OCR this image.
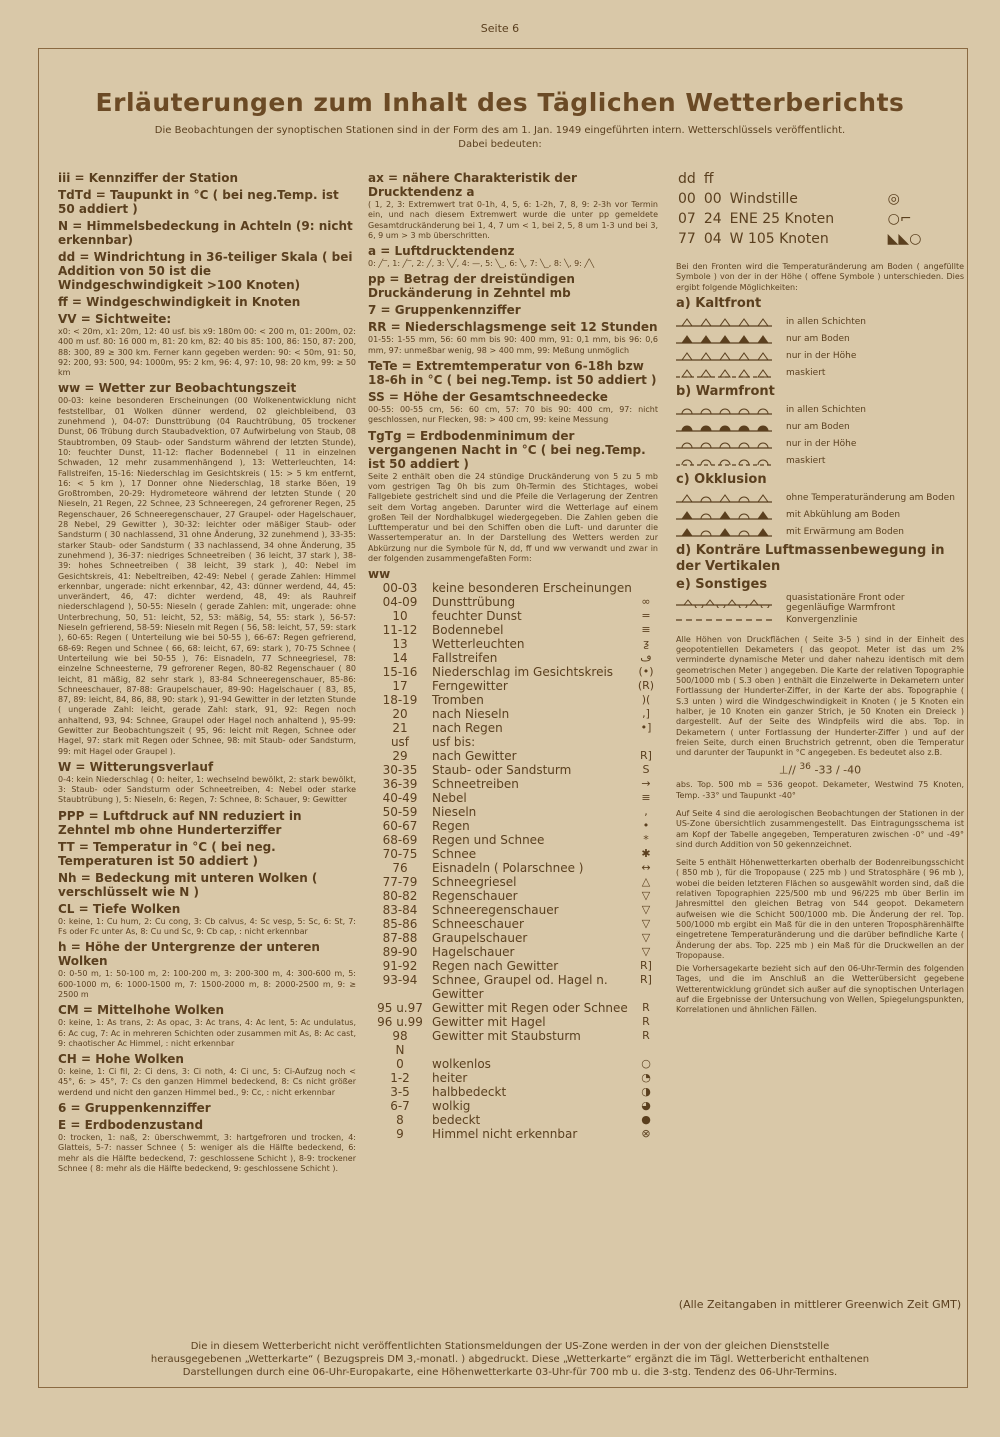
Seite 6
Erläuterungen zum Inhalt des Täglichen Wetterberichts
Die Beobachtungen der synoptischen Stationen sind in der Form des am 1. Jan. 1949 eingeführten intern. Wetterschlüssels veröffentlicht.
Dabei bedeuten:
iii = Kennziffer der Station
TdTd = Taupunkt in °C ( bei neg.Temp. ist 50 addiert )
N = Himmelsbedeckung in Achteln (9: nicht erkennbar)
dd = Windrichtung in 36-teiliger Skala ( bei Addition von 50 ist die Windgeschwindigkeit >100 Knoten)
ff = Windgeschwindigkeit in Knoten
VV = Sichtweite:
x0: < 20m, x1: 20m, 12: 40 usf. bis x9: 180m 00: < 200 m, 01: 200m, 02: 400 m usf. 80: 16 000 m, 81: 20 km, 82: 40 bis 85: 100, 86: 150, 87: 200, 88: 300, 89 ≥ 300 km. Ferner kann gegeben werden: 90: < 50m, 91: 50, 92: 200, 93: 500, 94: 1000m, 95: 2 km, 96: 4, 97: 10, 98: 20 km, 99: ≥ 50 km
ww = Wetter zur Beobachtungszeit
00-03: keine besonderen Erscheinungen (00 Wolkenentwicklung nicht feststellbar, 01 Wolken dünner werdend, 02 gleichbleibend, 03 zunehmend ), 04-07: Dunsttrübung (04 Rauchtrübung, 05 trockener Dunst, 06 Trübung durch Staubadvektion, 07 Aufwirbelung von Staub, 08 Staubtromben, 09 Staub- oder Sandsturm während der letzten Stunde), 10: feuchter Dunst, 11-12: flacher Bodennebel ( 11 in einzelnen Schwaden, 12 mehr zusammenhängend ), 13: Wetterleuchten, 14: Fallstreifen, 15-16: Niederschlag im Gesichtskreis ( 15: > 5 km entfernt, 16: < 5 km ), 17 Donner ohne Niederschlag, 18 starke Böen, 19 Großtromben, 20-29: Hydrometeore während der letzten Stunde ( 20 Nieseln, 21 Regen, 22 Schnee, 23 Schneeregen, 24 gefrorener Regen, 25 Regenschauer, 26 Schneeregenschauer, 27 Graupel- oder Hagelschauer, 28 Nebel, 29 Gewitter ), 30-32: leichter oder mäßiger Staub- oder Sandsturm ( 30 nachlassend, 31 ohne Änderung, 32 zunehmend ), 33-35: starker Staub- oder Sandsturm ( 33 nachlassend, 34 ohne Änderung, 35 zunehmend ), 36-37: niedriges Schneetreiben ( 36 leicht, 37 stark ), 38-39: hohes Schneetreiben ( 38 leicht, 39 stark ), 40: Nebel im Gesichtskreis, 41: Nebeltreiben, 42-49: Nebel ( gerade Zahlen: Himmel erkennbar, ungerade: nicht erkennbar, 42, 43: dünner werdend, 44, 45: unverändert, 46, 47: dichter werdend, 48, 49: als Rauhreif niederschlagend ), 50-55: Nieseln ( gerade Zahlen: mit, ungerade: ohne Unterbrechung, 50, 51: leicht, 52, 53: mäßig, 54, 55: stark ), 56-57: Nieseln gefrierend, 58-59: Nieseln mit Regen ( 56, 58: leicht, 57, 59: stark ), 60-65: Regen ( Unterteilung wie bei 50-55 ), 66-67: Regen gefrierend, 68-69: Regen und Schnee ( 66, 68: leicht, 67, 69: stark ), 70-75 Schnee ( Unterteilung wie bei 50-55 ), 76: Eisnadeln, 77 Schneegriesel, 78: einzelne Schneesterne, 79 gefrorener Regen, 80-82 Regenschauer ( 80 leicht, 81 mäßig, 82 sehr stark ), 83-84 Schneeregenschauer, 85-86: Schneeschauer, 87-88: Graupelschauer, 89-90: Hagelschauer ( 83, 85, 87, 89: leicht, 84, 86, 88, 90: stark ), 91-94 Gewitter in der letzten Stunde ( ungerade Zahl: leicht, gerade Zahl: stark, 91, 92: Regen noch anhaltend, 93, 94: Schnee, Graupel oder Hagel noch anhaltend ), 95-99: Gewitter zur Beobachtungszeit ( 95, 96: leicht mit Regen, Schnee oder Hagel, 97: stark mit Regen oder Schnee, 98: mit Staub- oder Sandsturm, 99: mit Hagel oder Graupel ).
W = Witterungsverlauf
0-4: kein Niederschlag ( 0: heiter, 1: wechselnd bewölkt, 2: stark bewölkt, 3: Staub- oder Sandsturm oder Schneetreiben, 4: Nebel oder starke Staubtrübung ), 5: Nieseln, 6: Regen, 7: Schnee, 8: Schauer, 9: Gewitter
PPP = Luftdruck auf NN reduziert in Zehntel mb ohne Hunderterziffer
TT = Temperatur in °C ( bei neg. Temperaturen ist 50 addiert )
Nh = Bedeckung mit unteren Wolken ( verschlüsselt wie N )
CL = Tiefe Wolken
0: keine, 1: Cu hum, 2: Cu cong, 3: Cb calvus, 4: Sc vesp, 5: Sc, 6: St, 7: Fs oder Fc unter As, 8: Cu und Sc, 9: Cb cap, : nicht erkennbar
h = Höhe der Untergrenze der unteren Wolken
0: 0-50 m, 1: 50-100 m, 2: 100-200 m, 3: 200-300 m, 4: 300-600 m, 5: 600-1000 m, 6: 1000-1500 m, 7: 1500-2000 m, 8: 2000-2500 m, 9: ≥ 2500 m
CM = Mittelhohe Wolken
0: keine, 1: As trans, 2: As opac, 3: Ac trans, 4: Ac lent, 5: Ac undulatus, 6: Ac cug, 7: Ac in mehreren Schichten oder zusammen mit As, 8: Ac cast, 9: chaotischer Ac Himmel, : nicht erkennbar
CH = Hohe Wolken
0: keine, 1: Ci fil, 2: Ci dens, 3: Ci noth, 4: Ci unc, 5: Ci-Aufzug noch < 45°, 6: > 45°, 7: Cs den ganzen Himmel bedeckend, 8: Cs nicht größer werdend und nicht den ganzen Himmel bed., 9: Cc, : nicht erkennbar
6 = Gruppenkennziffer
E = Erdbodenzustand
0: trocken, 1: naß, 2: überschwemmt, 3: hartgefroren und trocken, 4: Glatteis, 5-7: nasser Schnee ( 5: weniger als die Hälfte bedeckend, 6: mehr als die Hälfte bedeckend, 7: geschlossene Schicht ), 8-9: trockener Schnee ( 8: mehr als die Hälfte bedeckend, 9: geschlossene Schicht ).
ax = nähere Charakteristik der Drucktendenz a
( 1, 2, 3: Extremwert trat 0-1h, 4, 5, 6: 1-2h, 7, 8, 9: 2-3h vor Termin ein, und nach diesem Extremwert wurde die unter pp gemeldete Gesamtdruckänderung bei 1, 4, 7 um < 1, bei 2, 5, 8 um 1-3 und bei 3, 6, 9 um > 3 mb überschritten.
a = Luftdrucktendenz
0: ╱‾, 1: ╱‾, 2: ╱, 3: ╲╱, 4: —, 5: ╲_, 6: ╲, 7: ╲_, 8: ╲, 9: ╱╲
pp = Betrag der dreistündigen Druckänderung in Zehntel mb
7 = Gruppenkennziffer
RR = Niederschlagsmenge seit 12 Stunden
01-55: 1-55 mm, 56: 60 mm bis 90: 400 mm, 91: 0,1 mm, bis 96: 0,6 mm, 97: unmeßbar wenig, 98 > 400 mm, 99: Meßung unmöglich
TeTe = Extremtemperatur von 6-18h bzw 18-6h in °C ( bei neg.Temp. ist 50 addiert )
SS = Höhe der Gesamtschneedecke
00-55: 00-55 cm, 56: 60 cm, 57: 70 bis 90: 400 cm, 97: nicht geschlossen, nur Flecken, 98: > 400 cm, 99: keine Messung
TgTg = Erdbodenminimum der vergangenen Nacht in °C ( bei neg.Temp. ist 50 addiert )
Seite 2 enthält oben die 24 stündige Druckänderung von 5 zu 5 mb vom gestrigen Tag 0h bis zum 0h-Termin des Stichtages, wobei Fallgebiete gestrichelt sind und die Pfeile die Verlagerung der Zentren seit dem Vortag angeben. Darunter wird die Wetterlage auf einem großen Teil der Nordhalbkugel wiedergegeben. Die Zahlen geben die Lufttemperatur und bei den Schiffen oben die Luft- und darunter die Wassertemperatur an. In der Darstellung des Wetters werden zur Abkürzung nur die Symbole für N, dd, ff und ww verwandt und zwar in der folgenden zusammengefaßten Form:
ww
00-03	keine besonderen Erscheinungen	
04-09	Dunsttrübung	∞
10	feuchter Dunst	=
11-12	Bodennebel	≡
13	Wetterleuchten	ƺ
14	Fallstreifen	ڡ
15-16	Niederschlag im Gesichtskreis	(•)
17	Ferngewitter	(R)
18-19	Tromben	)(
20	nach Nieseln	,]
21	nach Regen	•]
usf	usf bis:	
29	nach Gewitter	R]
30-35	Staub- oder Sandsturm	S
36-39	Schneetreiben	→
40-49	Nebel	≡
50-59	Nieseln	,
60-67	Regen	•
68-69	Regen und Schnee	*
70-75	Schnee	✱
76	Eisnadeln ( Polarschnee )	↔
77-79	Schneegriesel	△
80-82	Regenschauer	▽
83-84	Schneeregenschauer	▽
85-86	Schneeschauer	▽
87-88	Graupelschauer	▽
89-90	Hagelschauer	▽
91-92	Regen nach Gewitter	R]
93-94	Schnee, Graupel od. Hagel n. Gewitter	R]
95 u.97	Gewitter mit Regen oder Schnee	R
96 u.99	Gewitter mit Hagel	R
98	Gewitter mit Staubsturm	R
N		
0	wolkenlos	○
1-2	heiter	◔
3-5	halbbedeckt	◑
6-7	wolkig	◕
8	bedeckt	●
9	Himmel nicht erkennbar	⊗
dd	ff		
00	00	Windstille	◎
07	24	ENE 25 Knoten	○⌐
77	04	W 105 Knoten	◣◣○
Bei den Fronten wird die Temperaturänderung am Boden ( angefüllte Symbole ) von der in der Höhe ( offene Symbole ) unterschieden. Dies ergibt folgende Möglichkeiten:
a) Kaltfront
in allen Schichten
nur am Boden
nur in der Höhe
maskiert
b) Warmfront
in allen Schichten
nur am Boden
nur in der Höhe
maskiert
c) Okklusion
ohne Temperaturänderung am Boden
mit Abkühlung am Boden
mit Erwärmung am Boden
d) Konträre Luftmassenbewegung in der Vertikalen
e) Sonstiges
quasistationäre Front oder gegenläufige Warmfront
Konvergenzlinie
Alle Höhen von Druckflächen ( Seite 3-5 ) sind in der Einheit des geopotentiellen Dekameters ( das geopot. Meter ist das um 2% verminderte dynamische Meter und daher nahezu identisch mit dem geometrischen Meter ) angegeben. Die Karte der relativen Topographie 500/1000 mb ( S.3 oben ) enthält die Einzelwerte in Dekametern unter Fortlassung der Hunderter-Ziffer, in der Karte der abs. Topographie ( S.3 unten ) wird die Windgeschwindigkeit in Knoten ( je 5 Knoten ein halber, je 10 Knoten ein ganzer Strich, je 50 Knoten ein Dreieck ) dargestellt. Auf der Seite des Windpfeils wird die abs. Top. in Dekametern ( unter Fortlassung der Hunderter-Ziffer ) und auf der freien Seite, durch einen Bruchstrich getrennt, oben die Temperatur und darunter der Taupunkt in °C angegeben. Es bedeutet also z.B.
⊥∕∕ $^{36}$ -33 / -40
abs. Top. 500 mb = 536 geopot. Dekameter, Westwind 75 Knoten, Temp. -33° und Taupunkt -40°
Auf Seite 4 sind die aerologischen Beobachtungen der Stationen in der US-Zone übersichtlich zusammengestellt. Das Eintragungsschema ist am Kopf der Tabelle angegeben, Temperaturen zwischen -0° und -49° sind durch Addition von 50 gekennzeichnet.
Seite 5 enthält Höhenwetterkarten oberhalb der Bodenreibungsschicht ( 850 mb ), für die Tropopause ( 225 mb ) und Stratosphäre ( 96 mb ), wobei die beiden letzteren Flächen so ausgewählt worden sind, daß die relativen Topographien 225/500 mb und 96/225 mb über Berlin im Jahresmittel den gleichen Betrag von 544 geopot. Dekametern aufweisen wie die Schicht 500/1000 mb. Die Änderung der rel. Top. 500/1000 mb ergibt ein Maß für die in den unteren Troposphärenhälfte eingetretene Temperaturänderung und die darüber befindliche Karte ( Änderung der abs. Top. 225 mb ) ein Maß für die Druckwellen an der Tropopause.
Die Vorhersagekarte bezieht sich auf den 06-Uhr-Termin des folgenden Tages, und die im Anschluß an die Wetterübersicht gegebene Wetterentwicklung gründet sich außer auf die synoptischen Unterlagen auf die Ergebnisse der Untersuchung von Wellen, Spiegelungspunkten, Korrelationen und ähnlichen Fällen.
(Alle Zeitangaben in mittlerer Greenwich Zeit GMT)
Die in diesem Wetterbericht nicht veröffentlichten Stationsmeldungen der US-Zone werden in der von der gleichen Dienststelle herausgegebenen „Wetterkarte“ ( Bezugspreis DM 3,-monatl. ) abgedruckt. Diese „Wetterkarte“ ergänzt die im Tägl. Wetterbericht enthaltenen Darstellungen durch eine 06-Uhr-Europakarte, eine Höhenwetterkarte 03-Uhr-für 700 mb u. die 3-stg. Tendenz des 06-Uhr-Termins.
